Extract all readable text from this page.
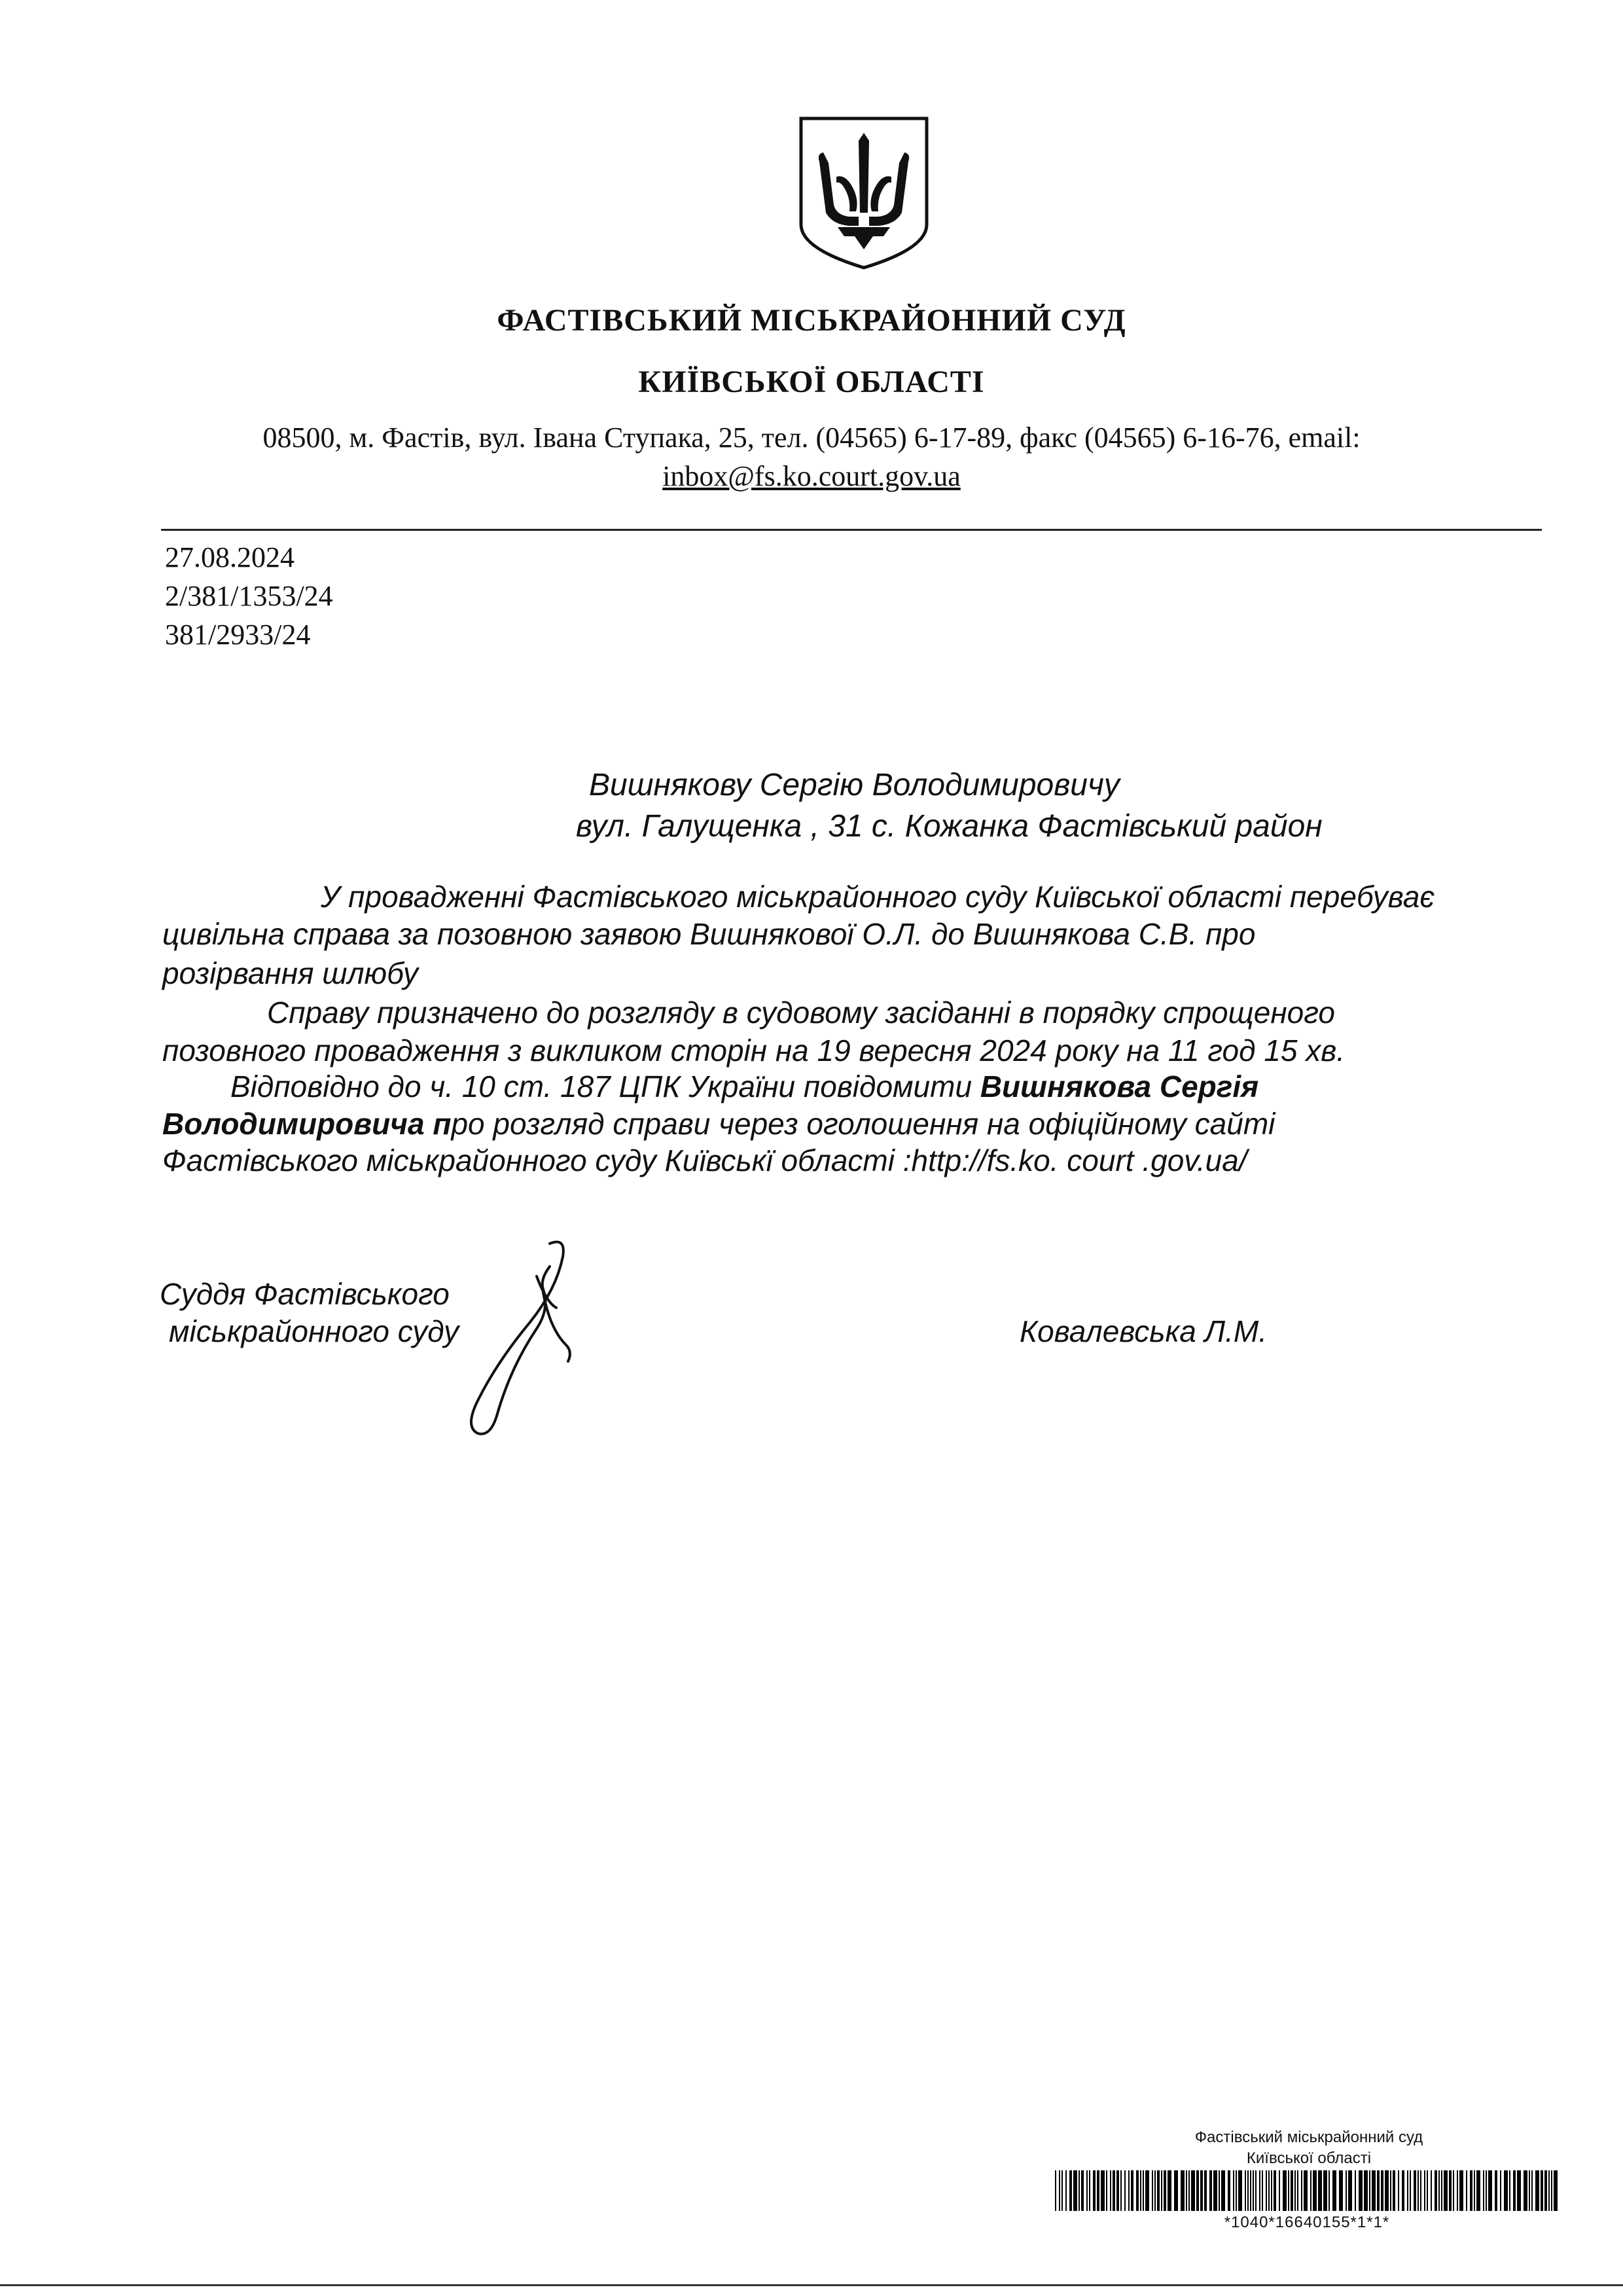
ФАСТІВСЬКИЙ МІСЬКРАЙОННИЙ СУД
КИЇВСЬКОЇ ОБЛАСТІ
08500, м. Фастів, вул. Івана Ступака, 25, тел. (04565) 6-17-89, факс (04565) 6-16-76, email:
inbox@fs.ko.court.gov.ua
27.08.2024
2/381/1353/24
381/2933/24
Вишнякову Сергію Володимировичу
вул. Галущенка , 31 с. Кожанка Фастівський район
У провадженні Фастівського міськрайонного суду Київської області перебуває
цивільна справа за позовною заявою Вишнякової О.Л. до Вишнякова С.В. про
розірвання шлюбу
Справу призначено до розгляду в судовому засіданні в порядку спрощеного
позовного провадження з викликом сторін на 19 вересня 2024 року на 11 год 15 хв.
Відповідно до ч. 10 ст. 187 ЦПК України повідомити Вишнякова Сергія
Володимировича про розгляд справи через оголошення на офіційному сайті
Фастівського міськрайонного суду Київськї області :http://fs.ko. court .gov.ua/
Суддя Фастівського
міськрайонного суду	Ковалевська Л.М.
Фастівський міськрайонний суд
Київської області
*1040*16640155*1*1*
